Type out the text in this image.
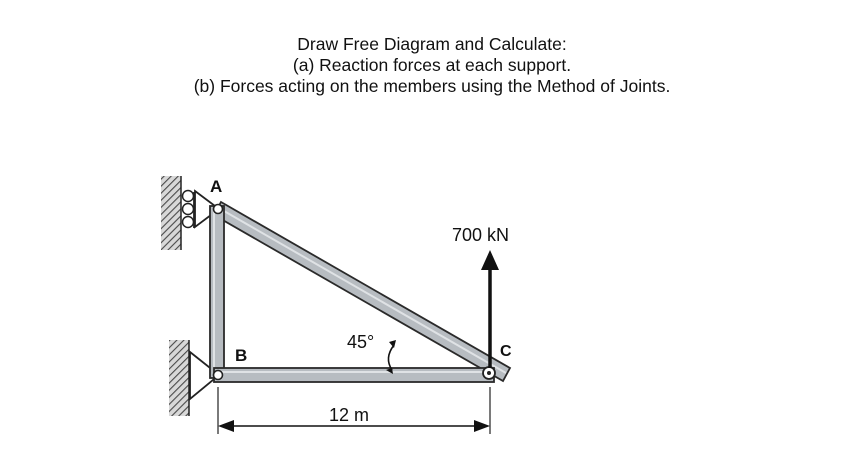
Draw Free Diagram and Calculate:
(a) Reaction forces at each support.
(b) Forces acting on the members using the Method of Joints.
A
B	C
700 kN
45°
12 m
